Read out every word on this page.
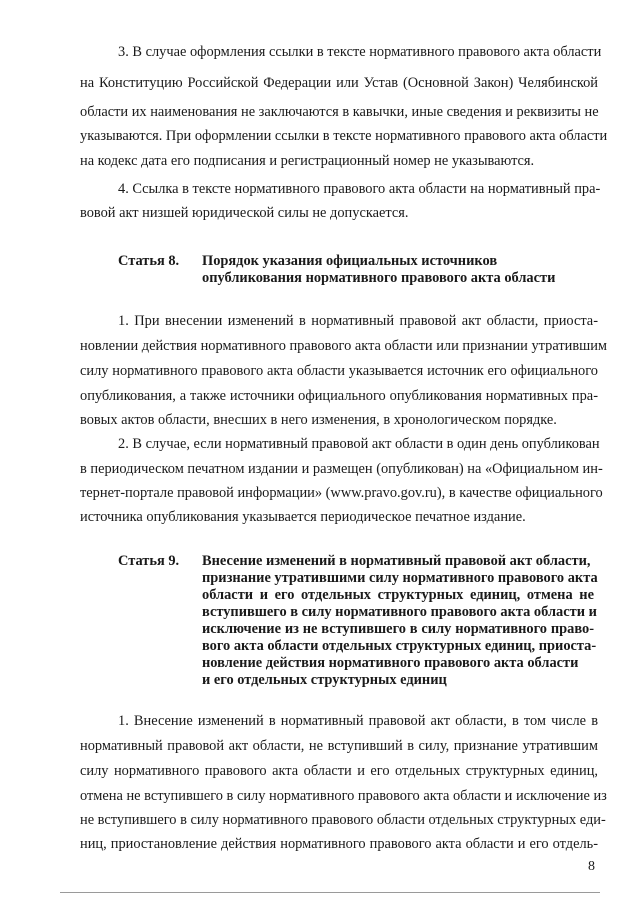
3. В случае оформления ссылки в тексте нормативного правового акта области
на Конституцию Российской Федерации или Устав (Основной Закон) Челябинской
области их наименования не заключаются в кавычки, иные сведения и реквизиты не
указываются. При оформлении ссылки в тексте нормативного правового акта области
на кодекс дата его подписания и регистрационный номер не указываются.
4. Ссылка в тексте нормативного правового акта области на нормативный пра-
вовой акт низшей юридической силы не допускается.
Статья 8. Порядок указания официальных источников
опубликования нормативного правового акта области
1. При внесении изменений в нормативный правовой акт области, приоста-
новлении действия нормативного правового акта области или признании утратившим
силу нормативного правового акта области указывается источник его официального
опубликования, а также источники официального опубликования нормативных пра-
вовых актов области, внесших в него изменения, в хронологическом порядке.
2. В случае, если нормативный правовой акт области в один день опубликован
в периодическом печатном издании и размещен (опубликован) на «Официальном ин-
тернет-портале правовой информации» (www.pravo.gov.ru), в качестве официального
источника опубликования указывается периодическое печатное издание.
Статья 9. Внесение изменений в нормативный правовой акт области,
признание утратившими силу нормативного правового акта
области и его отдельных структурных единиц, отмена не
вступившего в силу нормативного правового акта области и
исключение из не вступившего в силу нормативного право-
вого акта области отдельных структурных единиц, приоста-
новление действия нормативного правового акта области
и его отдельных структурных единиц
1. Внесение изменений в нормативный правовой акт области, в том числе в
нормативный правовой акт области, не вступивший в силу, признание утратившим
силу нормативного правового акта области и его отдельных структурных единиц,
отмена не вступившего в силу нормативного правового акта области и исключение из
не вступившего в силу нормативного правового области отдельных структурных еди-
ниц, приостановление действия нормативного правового акта области и его отдель-
8
